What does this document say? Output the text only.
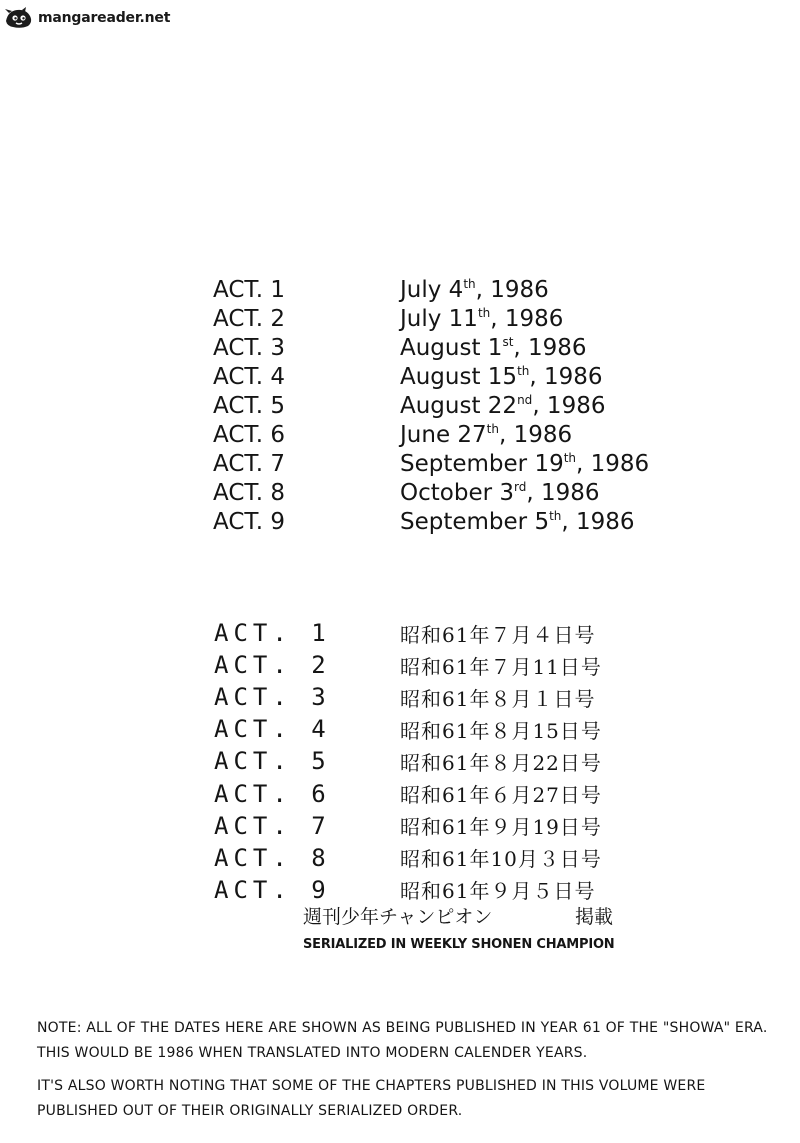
mangareader.net
ACT. 1	July 4th, 1986
ACT. 2	July 11th, 1986
ACT. 3	August 1st, 1986
ACT. 4	August 15th, 1986
ACT. 5	August 22nd, 1986
ACT. 6	June 27th, 1986
ACT. 7	September 19th, 1986
ACT. 8	October 3rd, 1986
ACT. 9	September 5th, 1986
ACT. 1	昭和61年７月４日号
ACT. 2	昭和61年７月11日号
ACT. 3	昭和61年８月１日号
ACT. 4	昭和61年８月15日号
ACT. 5	昭和61年８月22日号
ACT. 6	昭和61年６月27日号
ACT. 7	昭和61年９月19日号
ACT. 8	昭和61年10月３日号
ACT. 9	昭和61年９月５日号
週刊少年チャンピオン	掲載
SERIALIZED IN WEEKLY SHONEN CHAMPION
NOTE: ALL OF THE DATES HERE ARE SHOWN AS BEING PUBLISHED IN YEAR 61 OF THE "SHOWA" ERA. THIS WOULD BE 1986 WHEN TRANSLATED INTO MODERN CALENDER YEARS.
IT'S ALSO WORTH NOTING THAT SOME OF THE CHAPTERS PUBLISHED IN THIS VOLUME WERE PUBLISHED OUT OF THEIR ORIGINALLY SERIALIZED ORDER.
